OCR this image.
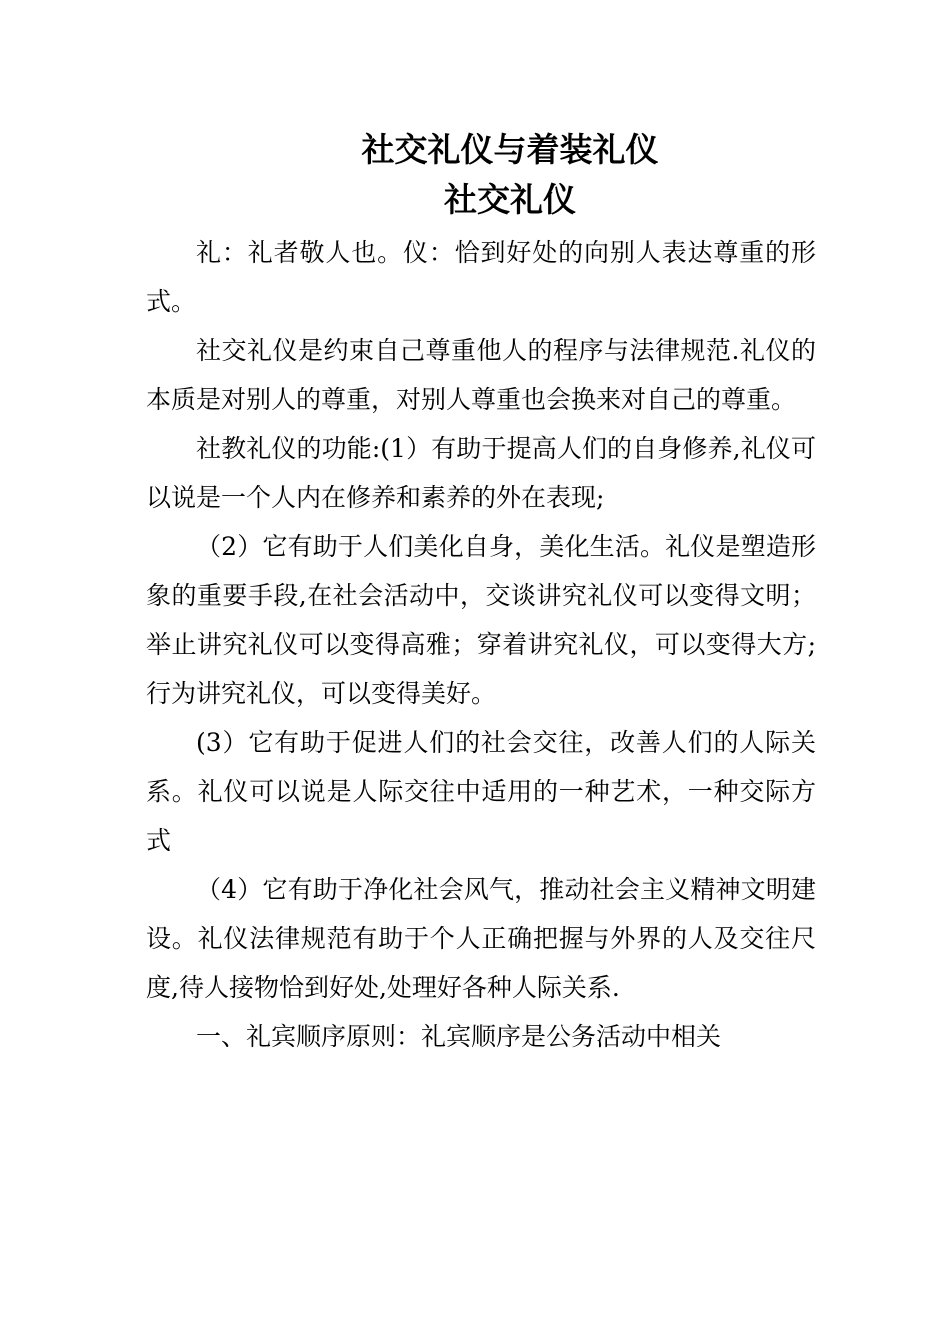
社交礼仪与着装礼仪
社交礼仪

礼：礼者敬人也。仪：恰到好处的向别人表达尊重的形式。

社交礼仪是约束自己尊重他人的程序与法律规范.礼仪的本质是对别人的尊重，对别人尊重也会换来对自己的尊重。

社教礼仪的功能:(1）有助于提高人们的自身修养,礼仪可以说是一个人内在修养和素养的外在表现;

（2）它有助于人们美化自身，美化生活。礼仪是塑造形象的重要手段,在社会活动中，交谈讲究礼仪可以变得文明；举止讲究礼仪可以变得高雅；穿着讲究礼仪，可以变得大方;行为讲究礼仪，可以变得美好。

(3）它有助于促进人们的社会交往，改善人们的人际关系。礼仪可以说是人际交往中适用的一种艺术，一种交际方式

（4）它有助于净化社会风气，推动社会主义精神文明建设。礼仪法律规范有助于个人正确把握与外界的人及交往尺度,待人接物恰到好处,处理好各种人际关系.

一、礼宾顺序原则：礼宾顺序是公务活动中相关
